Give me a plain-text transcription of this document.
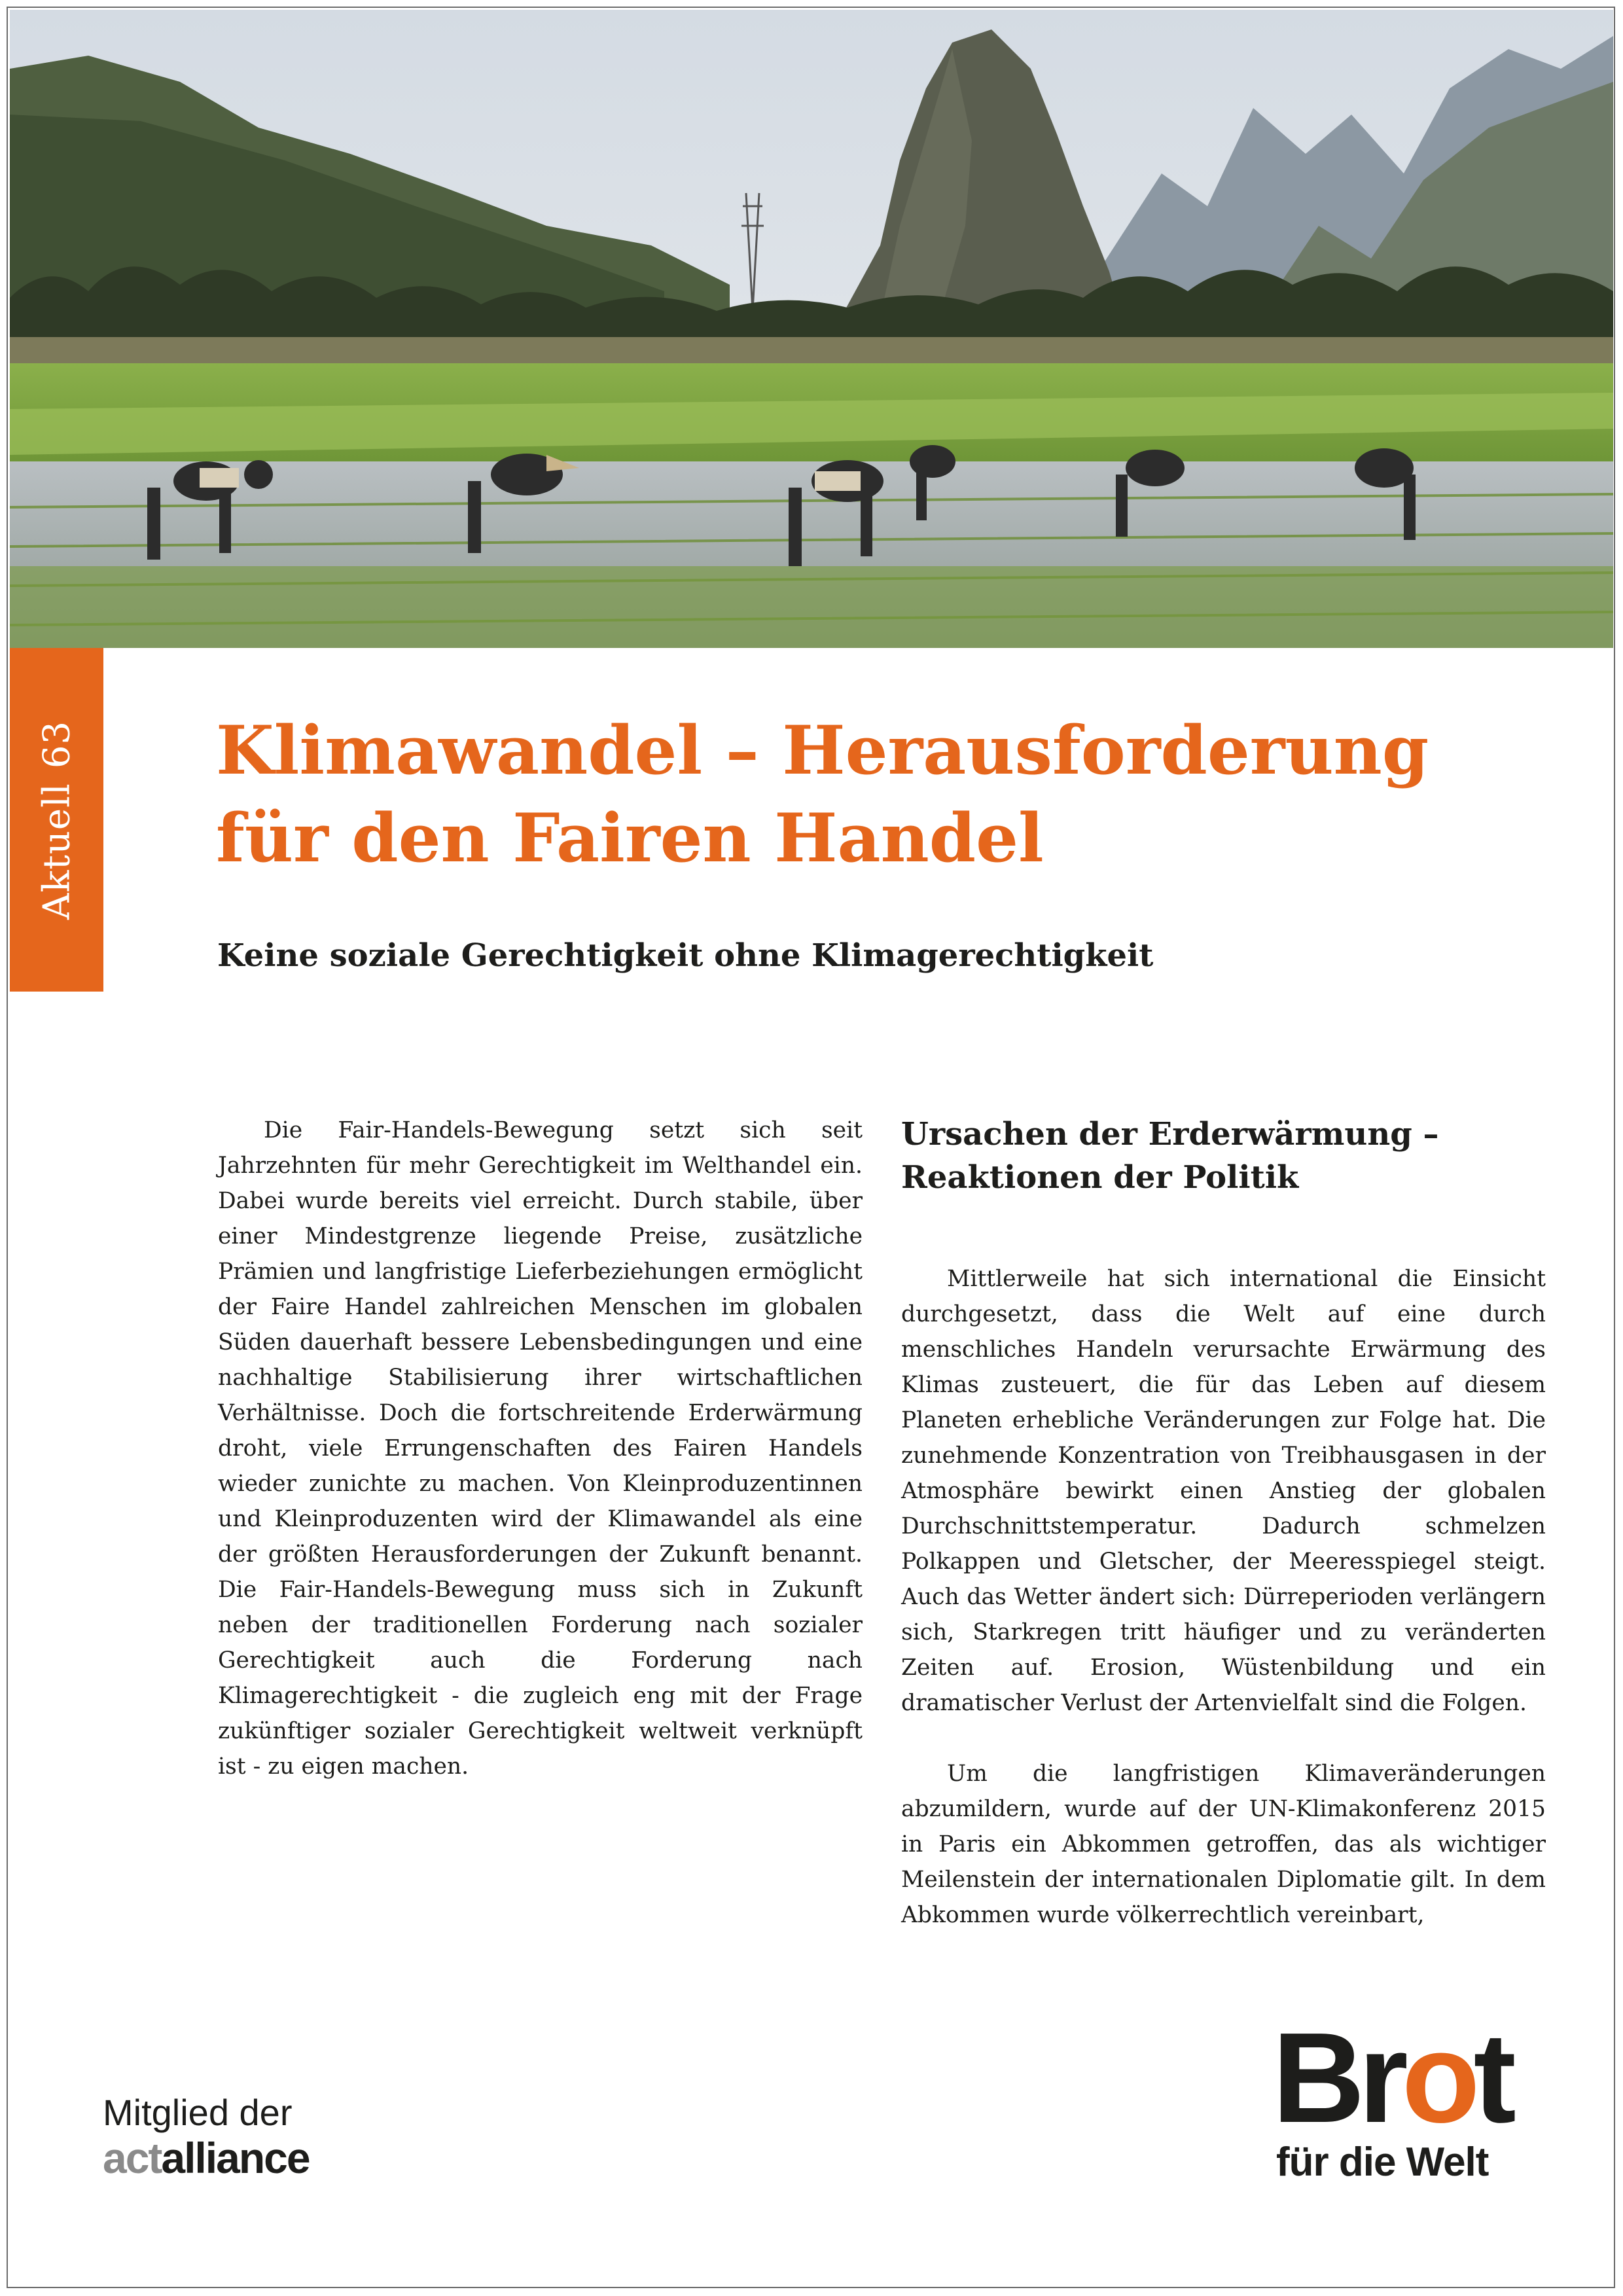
Aktuell63 Klimawandel – Herausforderung
für den Fairen Handel

Keine soziale Gerechtigkeit ohne Klimagerechtigkeit

Die Fair-Handels-Bewegung setzt sich seit Jahrzehnten für mehr Gerechtigkeit im Welthandel ein. Dabei wurde bereits viel erreicht. Durch stabile, über einer Mindestgrenze liegende Preise, zusätzliche Prämien und langfristige Lieferbeziehungen ermöglicht der Faire Handel zahlreichen Menschen im globalen Süden dauerhaft bessere Lebensbedingungen und eine nachhaltige Stabilisierung ihrer wirtschaftlichen Verhältnisse. Doch die fortschreitende Erderwärmung droht, viele Errungenschaften des Fairen Handels wieder zunichte zu machen. Von Kleinproduzentinnen und Kleinproduzenten wird der Klimawandel als eine der größten Herausforderungen der Zukunft benannt. Die Fair-Handels-Bewegung muss sich in Zukunft neben der traditionellen Forderung nach sozialer Gerechtigkeit auch die Forderung nach Klimagerechtigkeit - die zugleich eng mit der Frage zukünftiger sozialer Gerechtigkeit weltweit verknüpft ist - zu eigen machen.

Ursachen der Erderwärmung –
Reaktionen der Politik

Mittlerweile hat sich international die Einsicht durchgesetzt, dass die Welt auf eine durch menschliches Handeln verursachte Erwärmung des Klimas zusteuert, die für das Leben auf diesem Planeten erhebliche Veränderungen zur Folge hat. Die zunehmende Konzentration von Treibhausgasen in der Atmosphäre bewirkt einen Anstieg der globalen Durchschnittstemperatur. Dadurch schmelzen Polkappen und Gletscher, der Meeresspiegel steigt. Auch das Wetter ändert sich: Dürreperioden verlängern sich, Starkregen tritt häufiger und zu veränderten Zeiten auf. Erosion, Wüstenbildung und ein dramatischer Verlust der Artenvielfalt sind die Folgen.

Um die langfristigen Klimaveränderungen abzumildern, wurde auf der UN-Klimakonferenz 2015 in Paris ein Abkommen getroffen, das als wichtiger Meilenstein der internationalen Diplomatie gilt. In dem Abkommen wurde völkerrechtlich vereinbart,

Mitglied der
actalliance
Brot
für die Welt
